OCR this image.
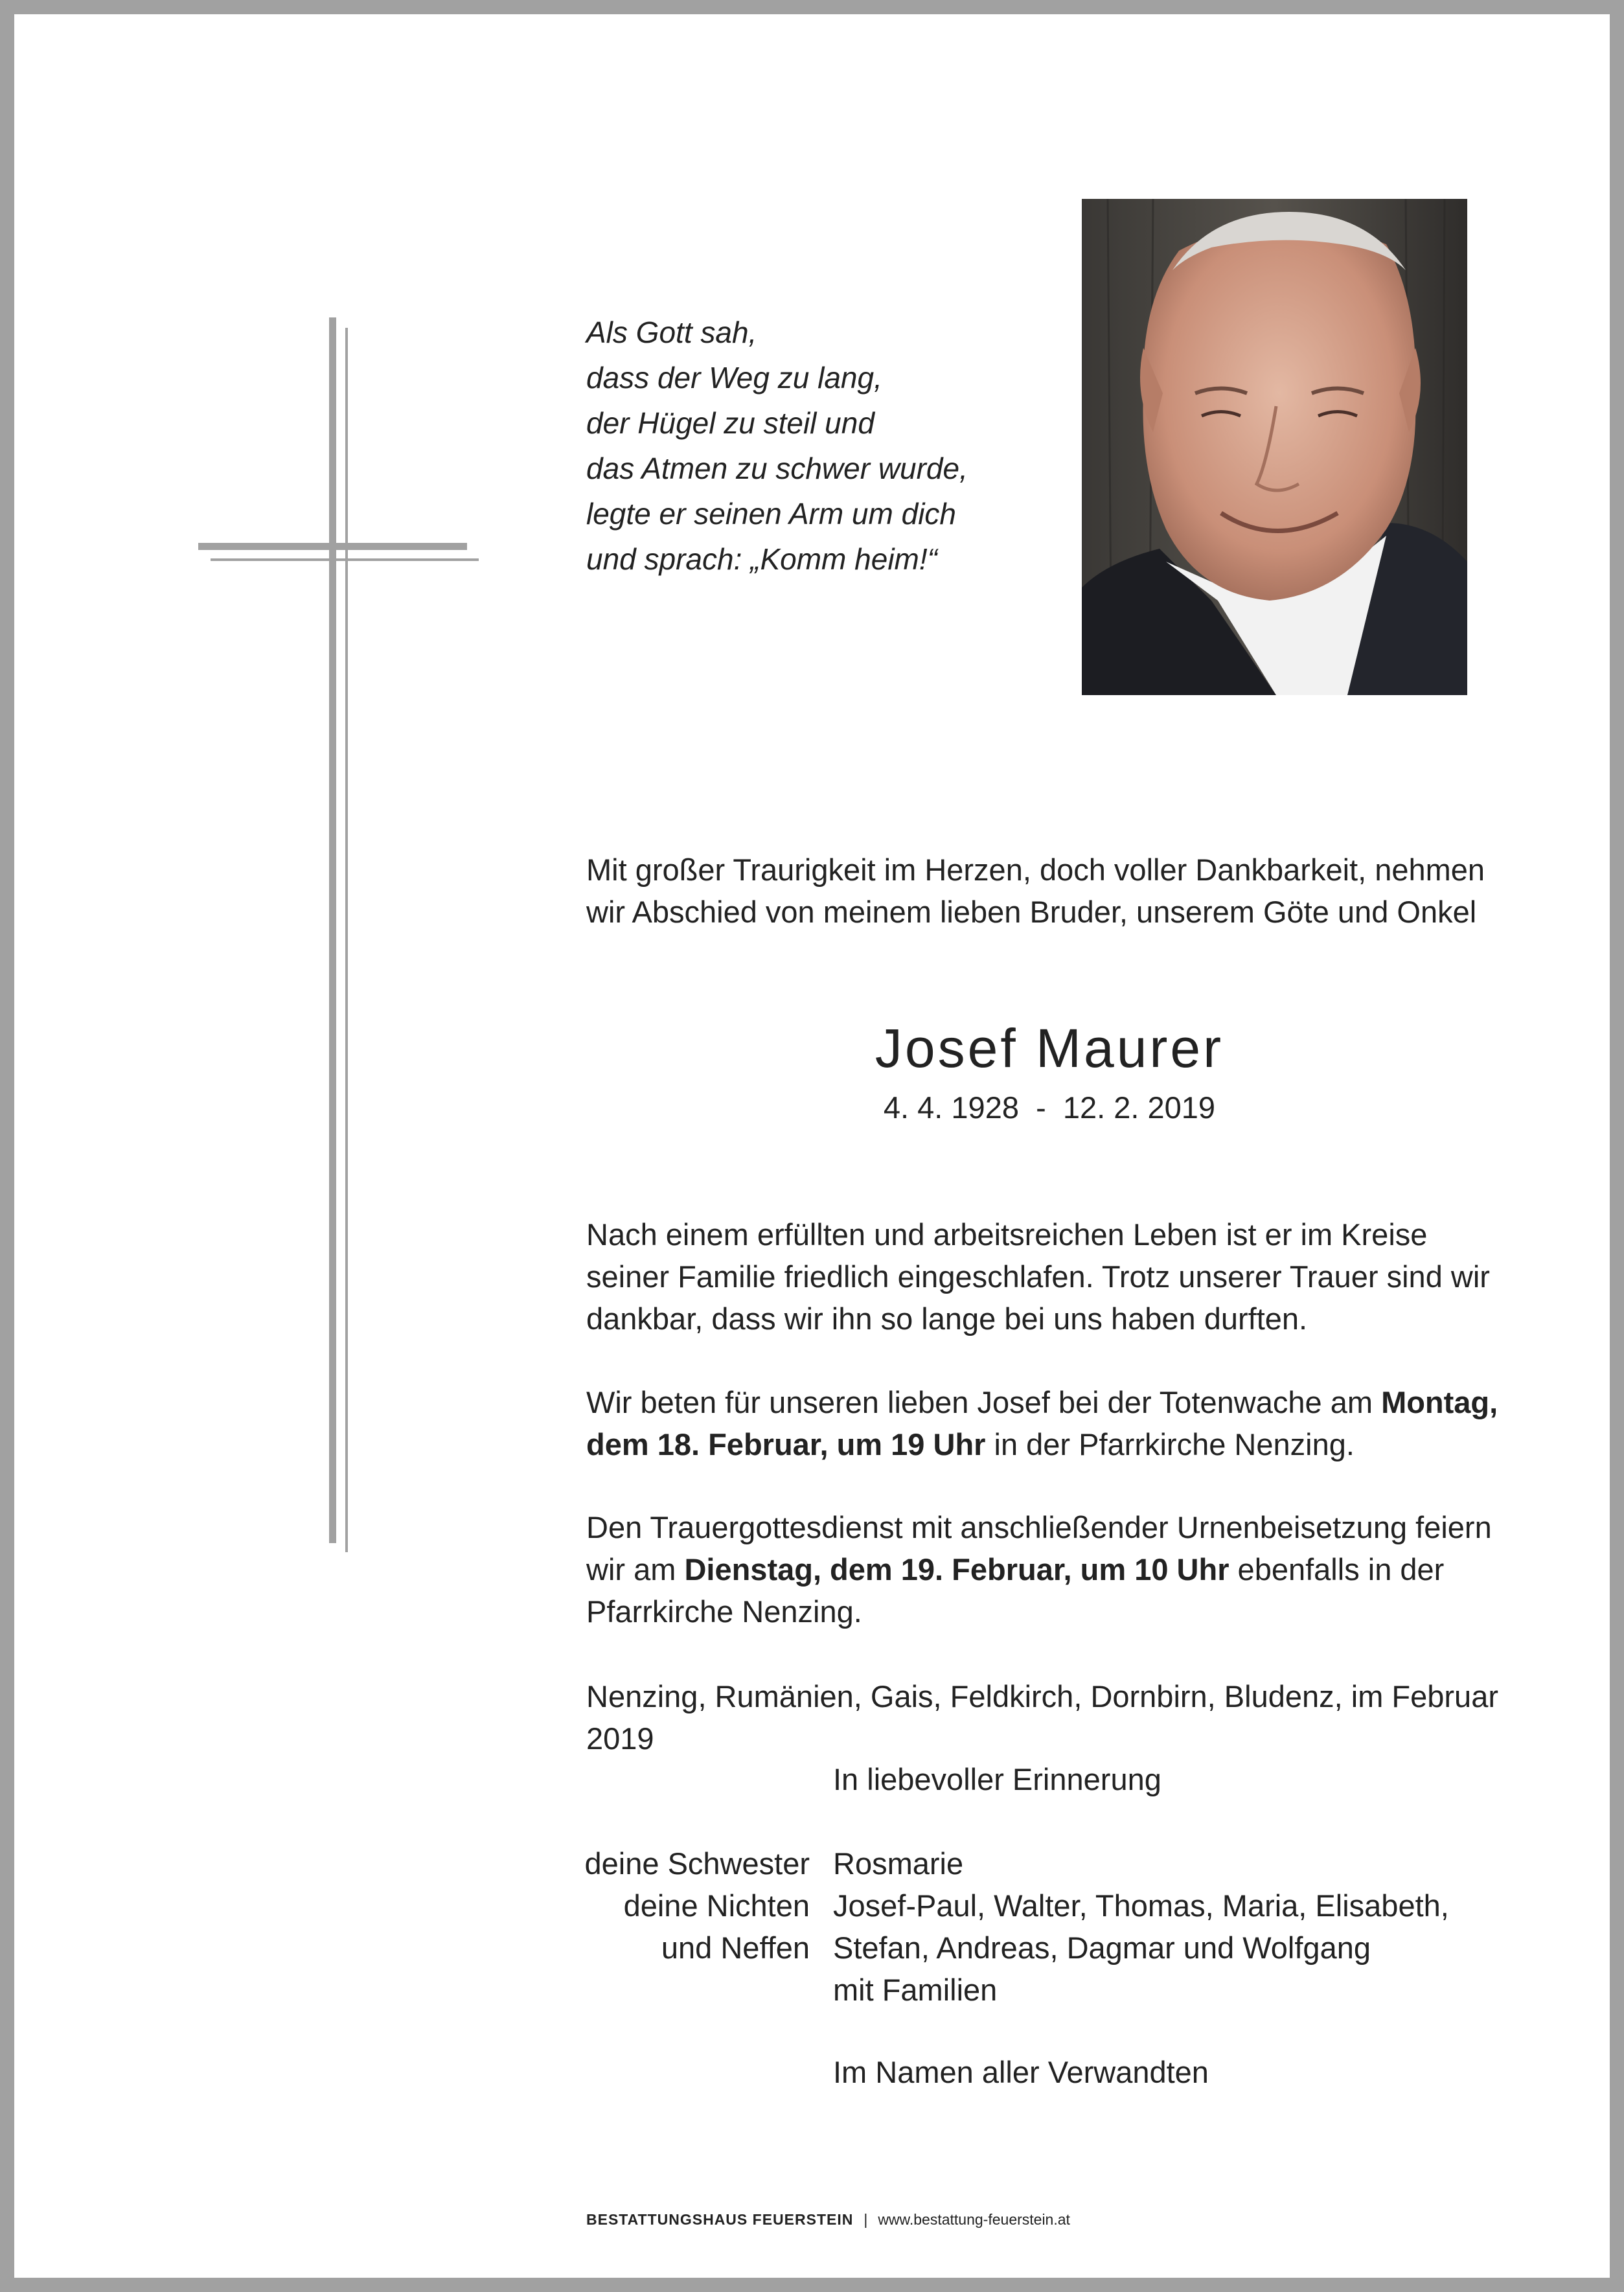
Als Gott sah,
dass der Weg zu lang,
der Hügel zu steil und
das Atmen zu schwer wurde,
legte er seinen Arm um dich
und sprach: „Komm heim!“
Mit großer Traurigkeit im Herzen, doch voller Dankbarkeit, nehmen
wir Abschied von meinem lieben Bruder, unserem Göte und Onkel
Josef Maurer
4. 4. 1928  -  12. 2. 2019
Nach einem erfüllten und arbeitsreichen Leben ist er im Kreise
seiner Familie friedlich eingeschlafen. Trotz unserer Trauer sind wir
dankbar, dass wir ihn so lange bei uns haben durften.
Wir beten für unseren lieben Josef bei der Totenwache am Montag,
dem 18. Februar, um 19 Uhr in der Pfarrkirche Nenzing.
Den Trauergottesdienst mit anschließender Urnenbeisetzung feiern
wir am Dienstag, dem 19. Februar, um 10 Uhr ebenfalls in der
Pfarrkirche Nenzing.
Nenzing, Rumänien, Gais, Feldkirch, Dornbirn, Bludenz, im Februar 2019
In liebevoller Erinnerung
deine Schwester
deine Nichten
und Neffen
Rosmarie
Josef-Paul, Walter, Thomas, Maria, Elisabeth,
Stefan, Andreas, Dagmar und Wolfgang
mit Familien
Im Namen aller Verwandten
BESTATTUNGSHAUS FEUERSTEIN | www.bestattung-feuerstein.at
